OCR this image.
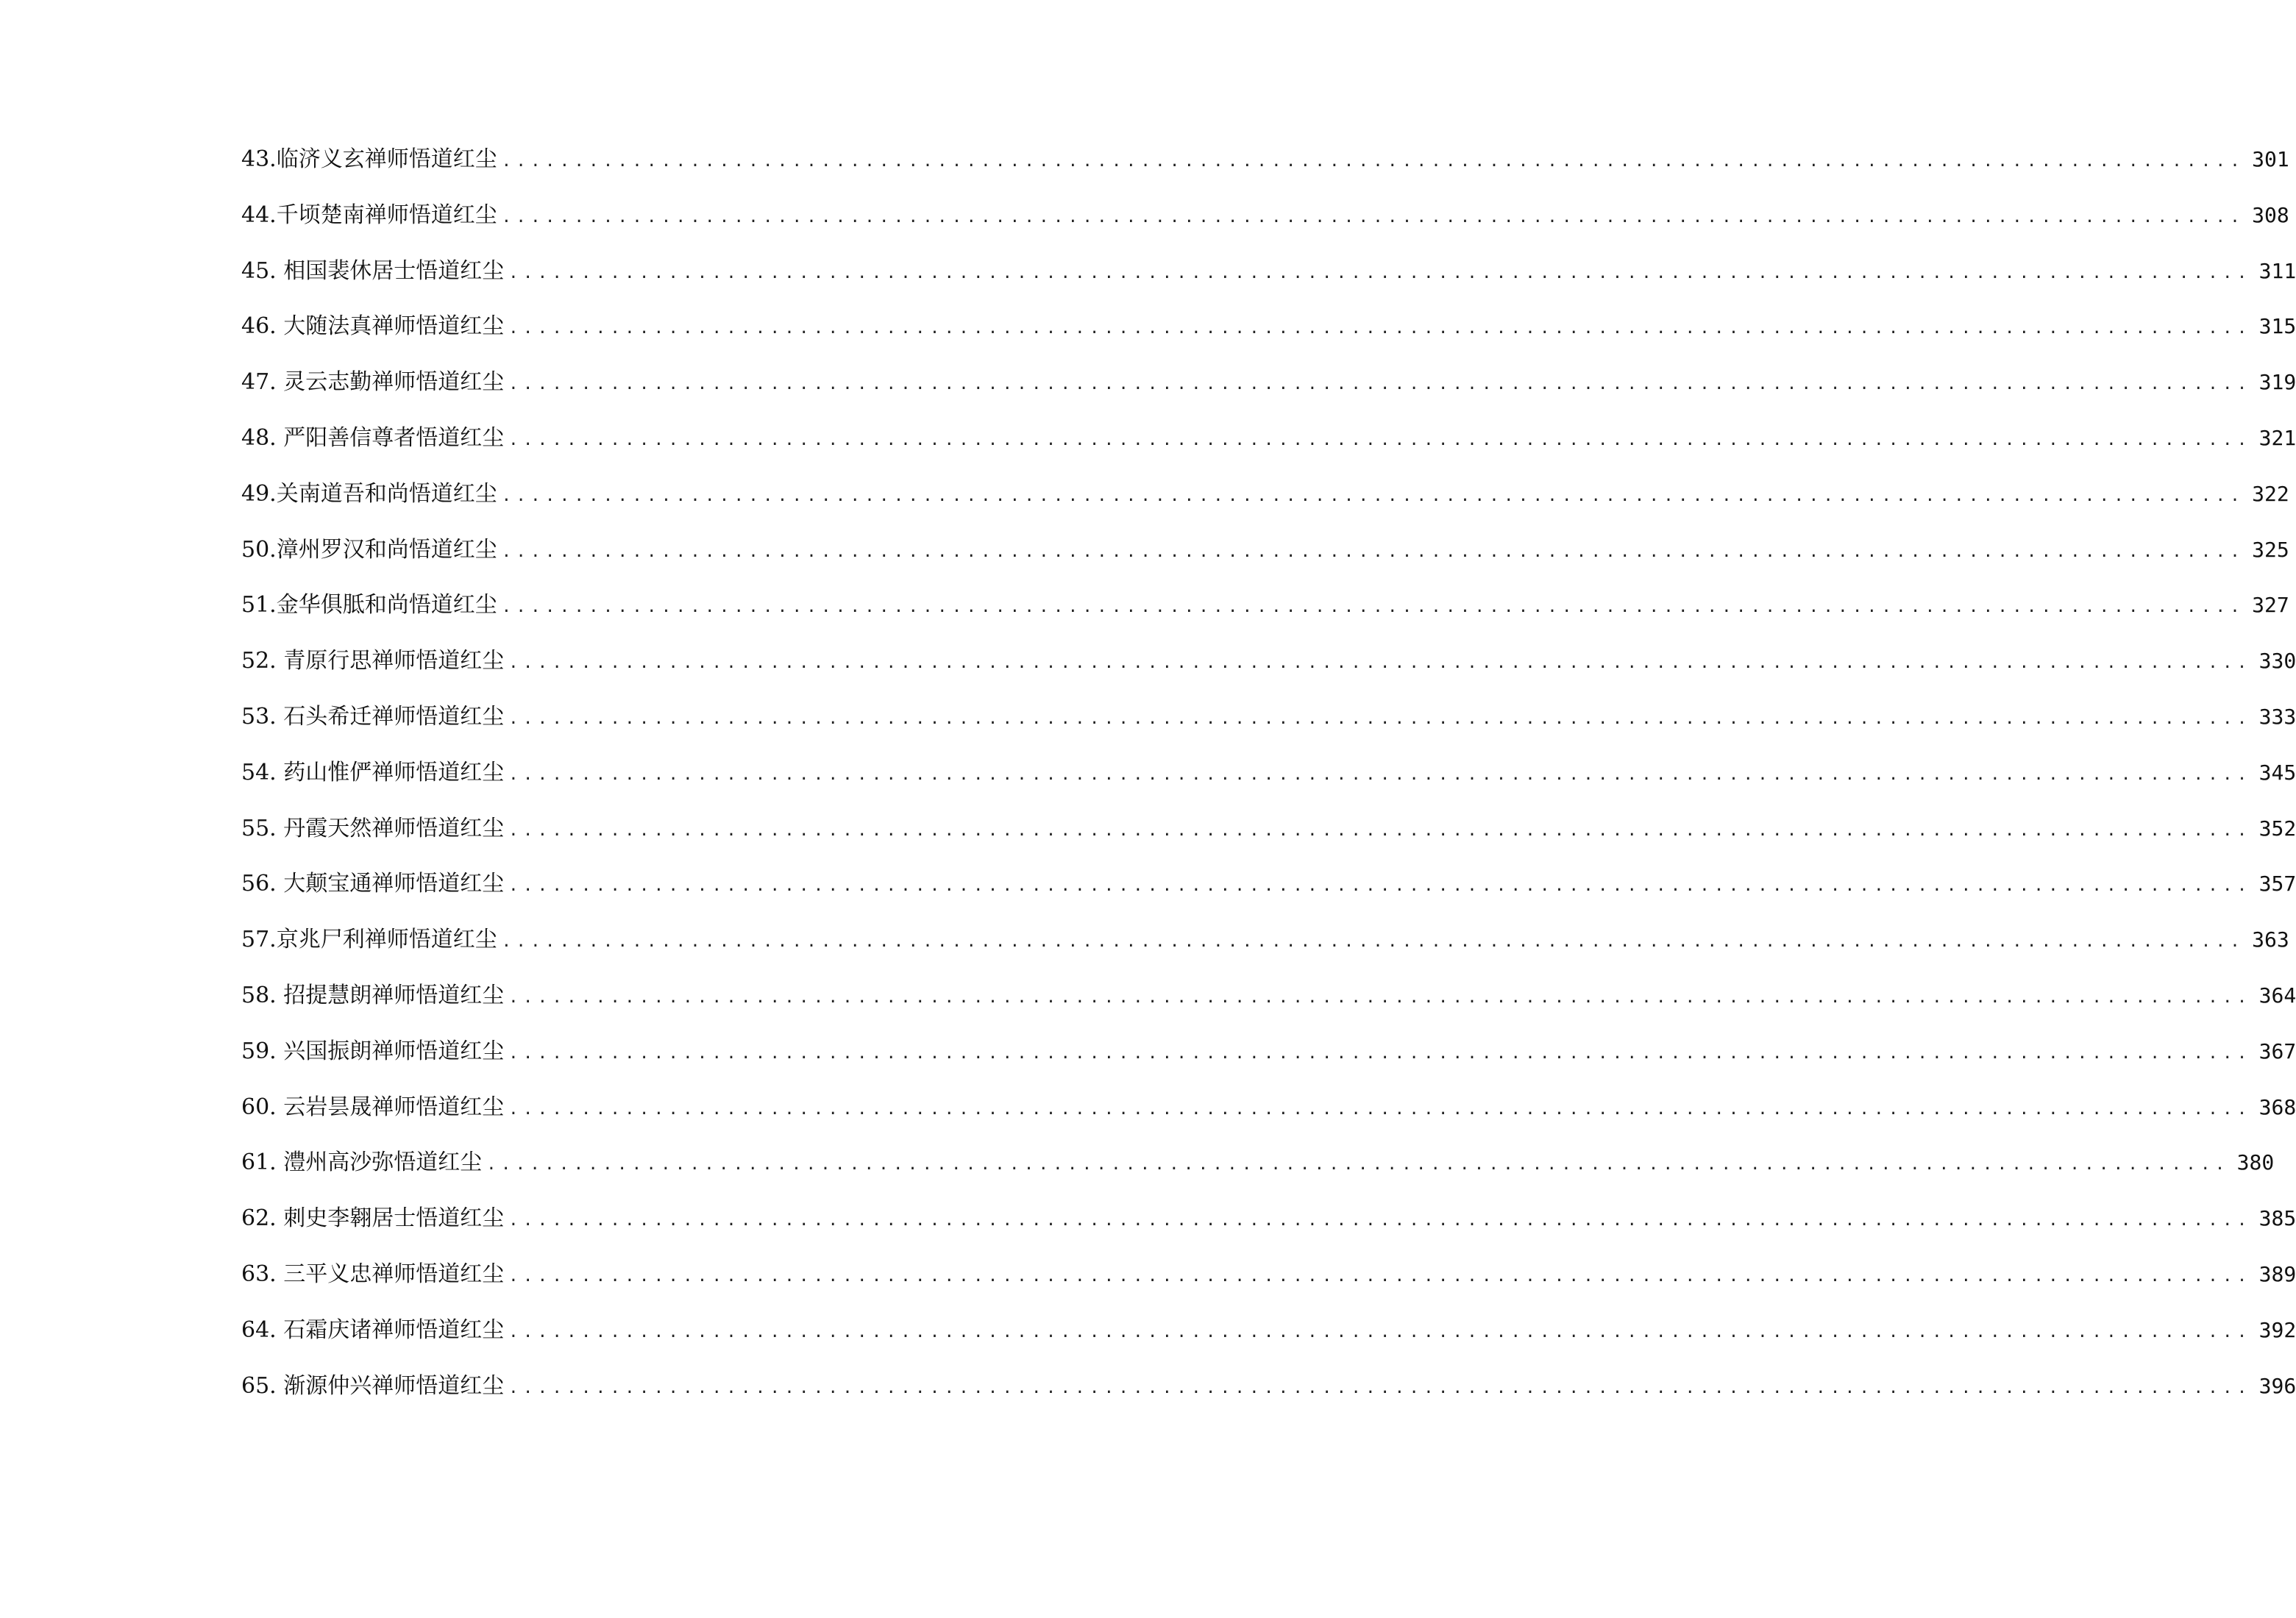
43.临济义玄禅师悟道红尘 ........................................................................................................................ 301
44.千顷楚南禅师悟道红尘 ........................................................................................................................ 308
45. 相国裴休居士悟道红尘 ........................................................................................................................ 311
46. 大随法真禅师悟道红尘 ........................................................................................................................ 315
47. 灵云志勤禅师悟道红尘 ........................................................................................................................ 319
48. 严阳善信尊者悟道红尘 ........................................................................................................................ 321
49.关南道吾和尚悟道红尘 ........................................................................................................................ 322
50.漳州罗汉和尚悟道红尘 ........................................................................................................................ 325
51.金华俱胝和尚悟道红尘 ........................................................................................................................ 327
52. 青原行思禅师悟道红尘 ........................................................................................................................ 330
53. 石头希迁禅师悟道红尘 ........................................................................................................................ 333
54. 药山惟俨禅师悟道红尘 ........................................................................................................................ 345
55. 丹霞天然禅师悟道红尘 ........................................................................................................................ 352
56. 大颠宝通禅师悟道红尘 ........................................................................................................................ 357
57.京兆尸利禅师悟道红尘 ........................................................................................................................ 363
58. 招提慧朗禅师悟道红尘 ........................................................................................................................ 364
59. 兴国振朗禅师悟道红尘 ........................................................................................................................ 367
60. 云岩昙晟禅师悟道红尘 ........................................................................................................................ 368
61. 澧州高沙弥悟道红尘 ........................................................................................................................ 380
62. 刺史李翱居士悟道红尘 ........................................................................................................................ 385
63. 三平义忠禅师悟道红尘 ........................................................................................................................ 389
64. 石霜庆诸禅师悟道红尘 ........................................................................................................................ 392
65. 渐源仲兴禅师悟道红尘 ........................................................................................................................ 396
